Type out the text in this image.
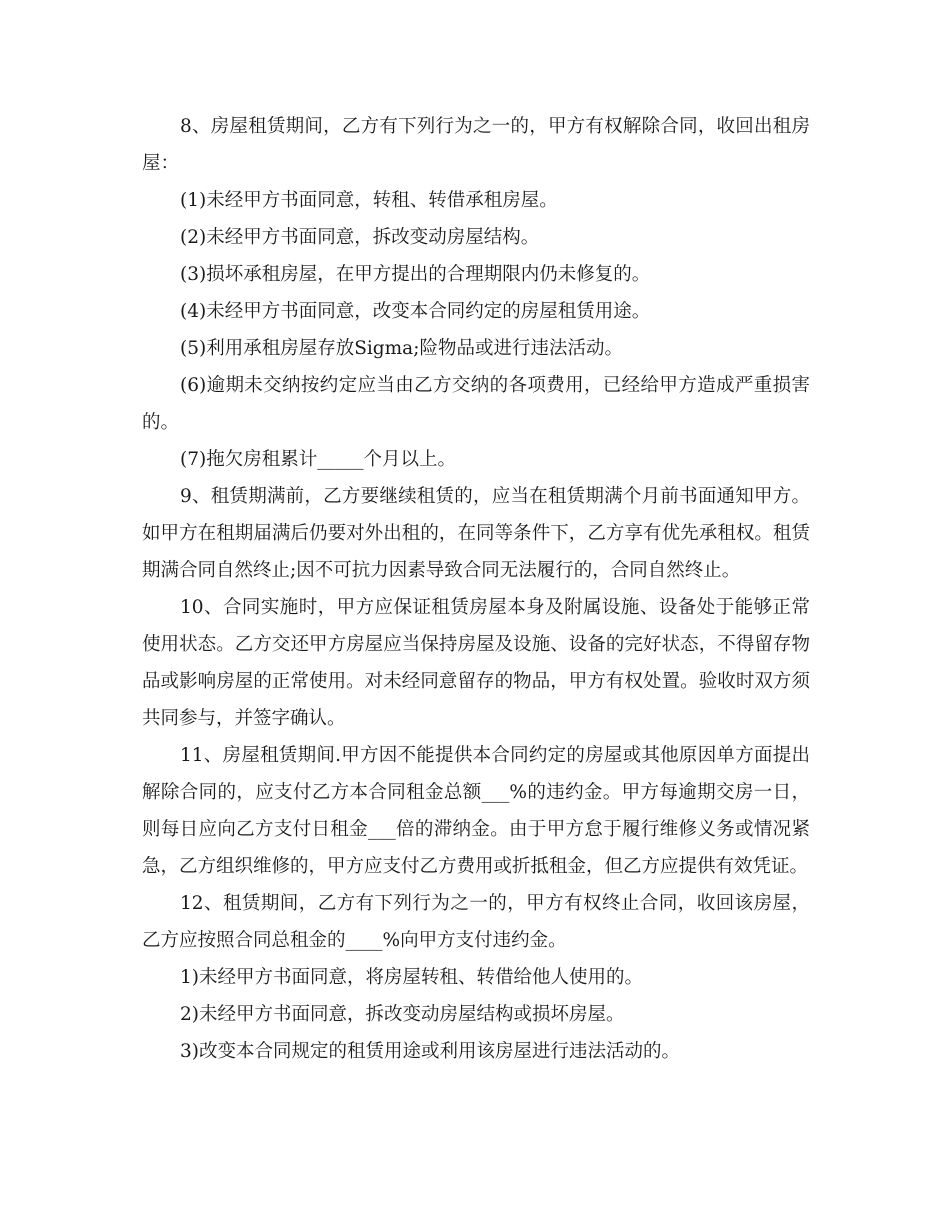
8、房屋租赁期间，乙方有下列行为之一的，甲方有权解除合同，收回出租房屋：

(1)未经甲方书面同意，转租、转借承租房屋。

(2)未经甲方书面同意，拆改变动房屋结构。

(3)损坏承租房屋，在甲方提出的合理期限内仍未修复的。

(4)未经甲方书面同意，改变本合同约定的房屋租赁用途。

(5)利用承租房屋存放Sigma;险物品或进行违法活动。

(6)逾期未交纳按约定应当由乙方交纳的各项费用，已经给甲方造成严重损害的。

(7)拖欠房租累计_____个月以上。

9、租赁期满前，乙方要继续租赁的，应当在租赁期满个月前书面通知甲方。如甲方在租期届满后仍要对外出租的，在同等条件下，乙方享有优先承租权。租赁期满合同自然终止;因不可抗力因素导致合同无法履行的，合同自然终止。

10、合同实施时，甲方应保证租赁房屋本身及附属设施、设备处于能够正常使用状态。乙方交还甲方房屋应当保持房屋及设施、设备的完好状态，不得留存物品或影响房屋的正常使用。对未经同意留存的物品，甲方有权处置。验收时双方须共同参与，并签字确认。

11、房屋租赁期间.甲方因不能提供本合同约定的房屋或其他原因单方面提出解除合同的，应支付乙方本合同租金总额___%的违约金。甲方每逾期交房一日，则每日应向乙方支付日租金___倍的滞纳金。由于甲方怠于履行维修义务或情况紧急，乙方组织维修的，甲方应支付乙方费用或折抵租金，但乙方应提供有效凭证。

12、租赁期间，乙方有下列行为之一的，甲方有权终止合同，收回该房屋，乙方应按照合同总租金的____%向甲方支付违约金。

1)未经甲方书面同意，将房屋转租、转借给他人使用的。

2)未经甲方书面同意，拆改变动房屋结构或损坏房屋。

3)改变本合同规定的租赁用途或利用该房屋进行违法活动的。
